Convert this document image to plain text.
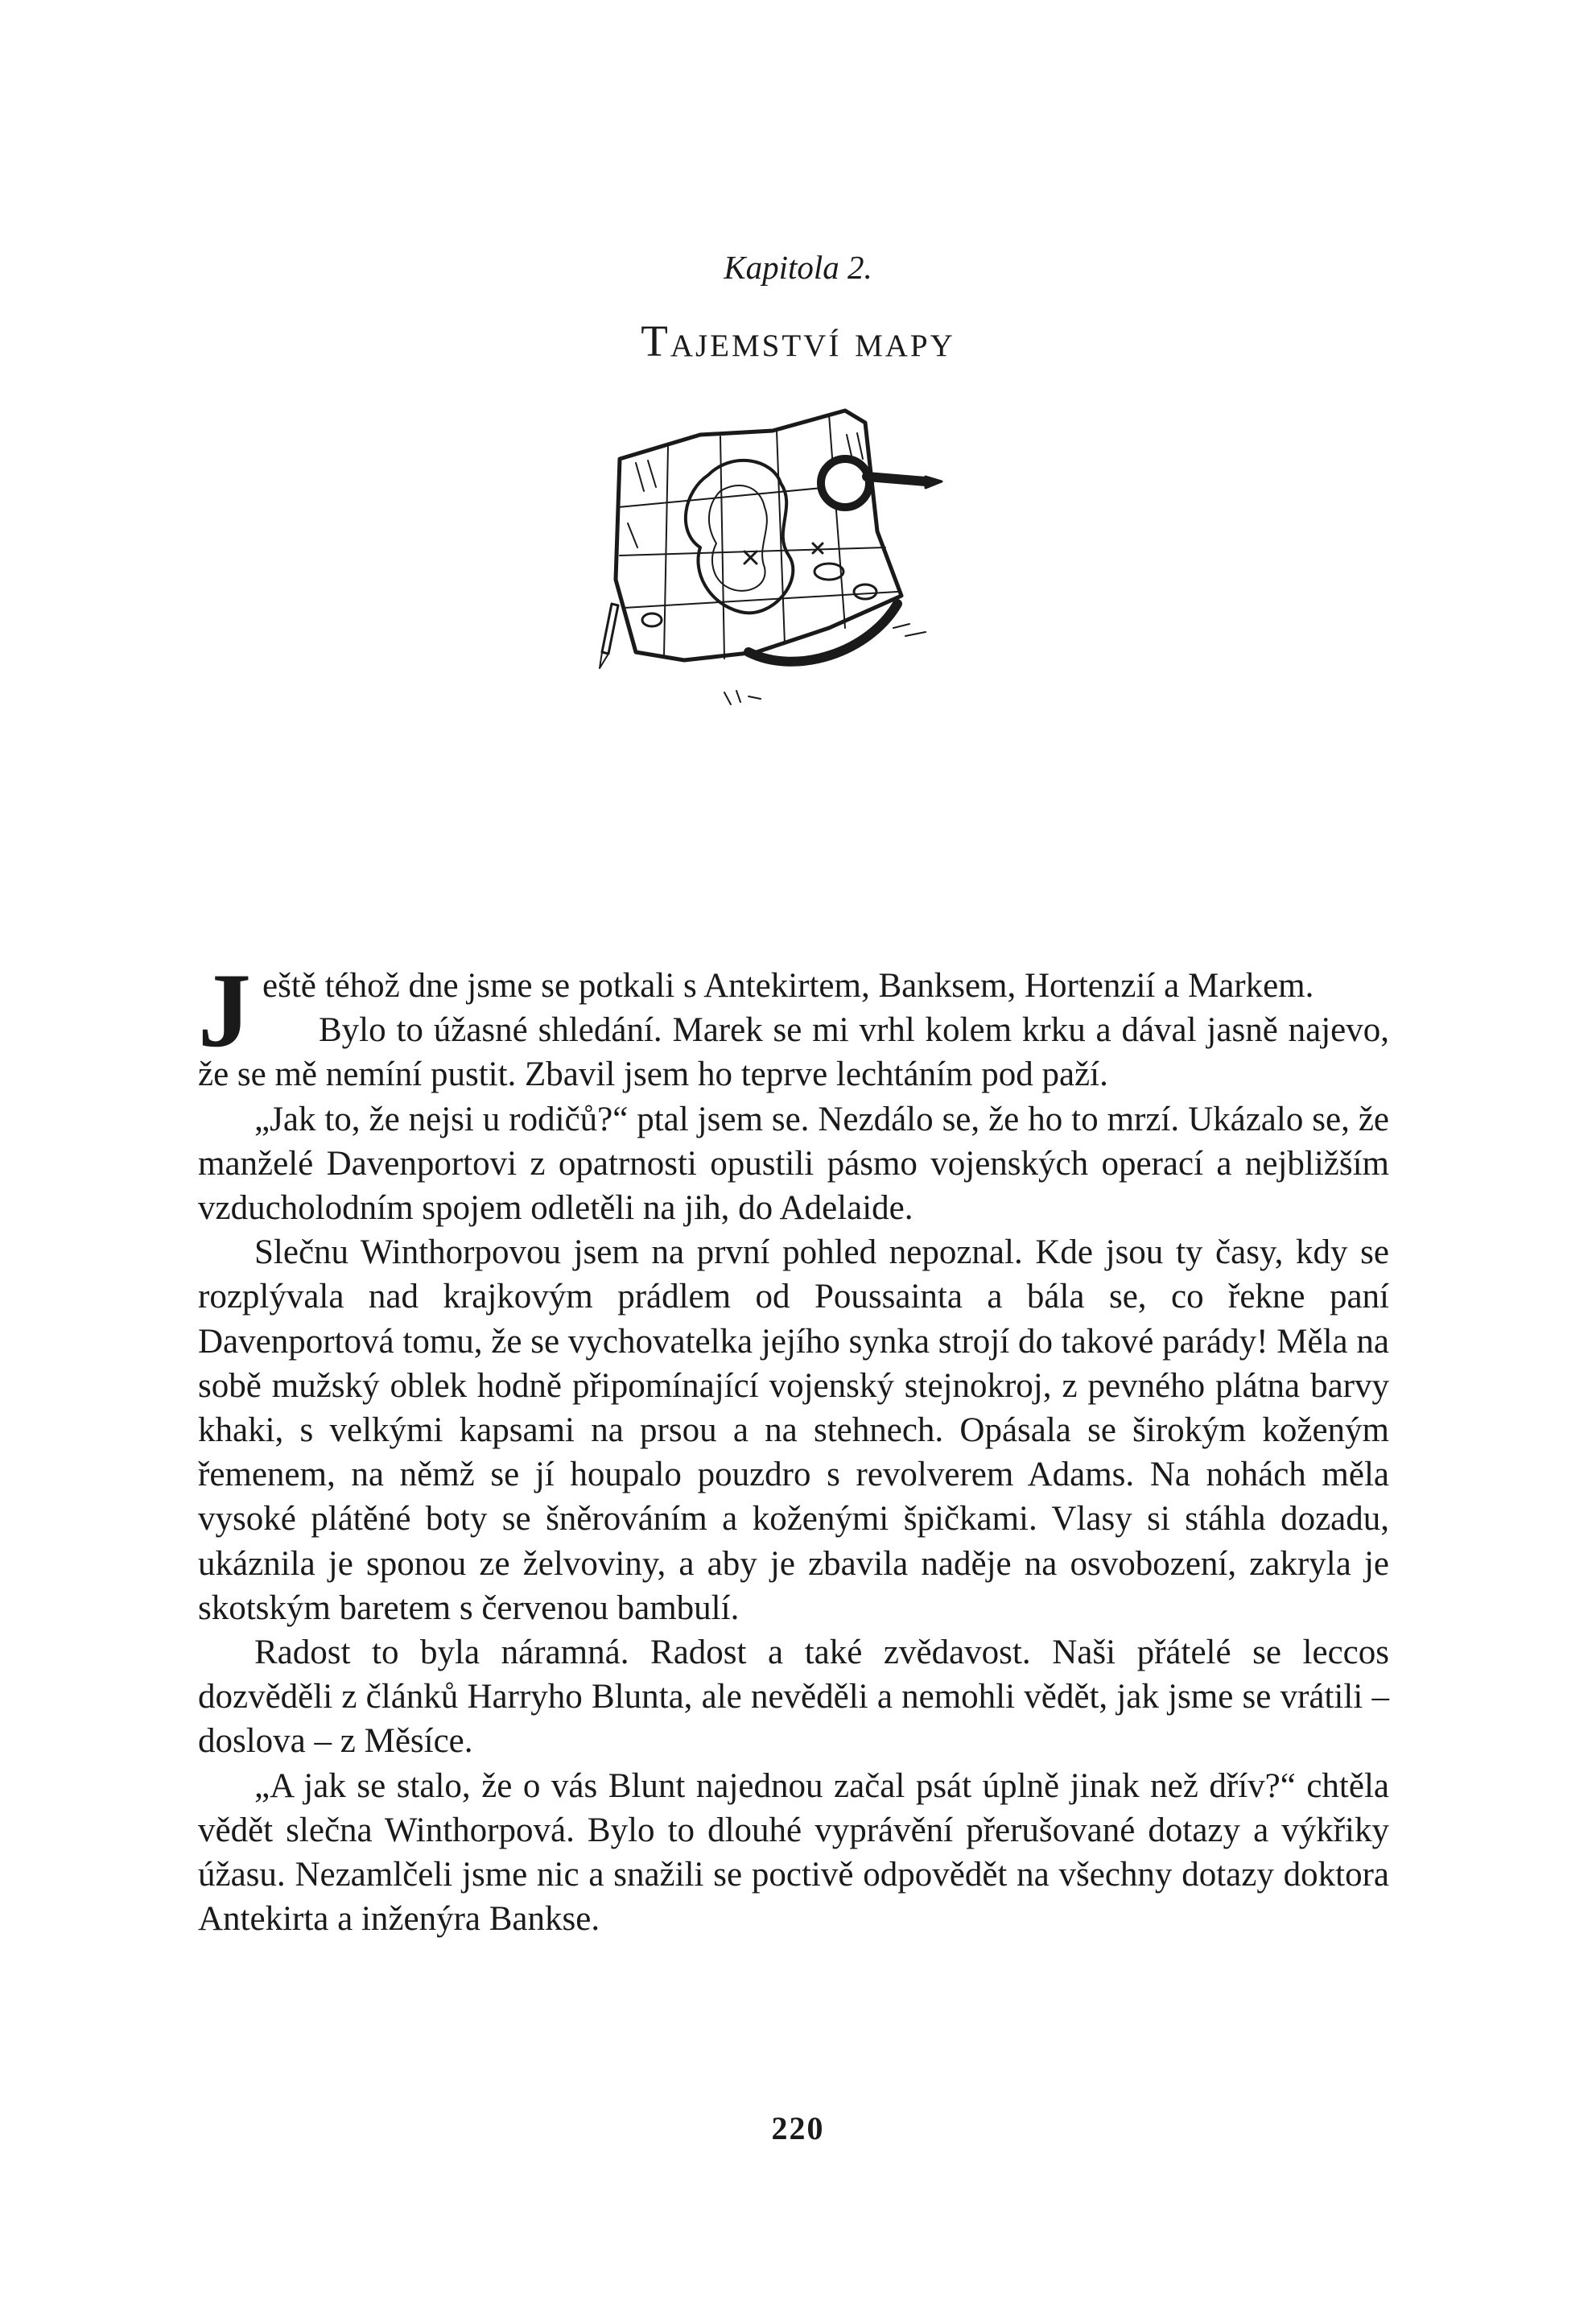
Kapitola 2.
Tajemství mapy

Ještě téhož dne jsme se potkali s Antekirtem, Banksem, Hortenzií a Markem.

Bylo to úžasné shledání. Marek se mi vrhl kolem krku a dával jasně najevo, že se mě nemíní pustit. Zbavil jsem ho teprve lechtáním pod paží.

„Jak to, že nejsi u rodičů?“ ptal jsem se. Nezdálo se, že ho to mrzí. Ukázalo se, že manželé Davenportovi z opatrnosti opustili pásmo vojenských operací a nejbližším vzducholodním spojem odletěli na jih, do Adelaide.

Slečnu Winthorpovou jsem na první pohled nepoznal. Kde jsou ty časy, kdy se rozplývala nad krajkovým prádlem od Poussainta a bála se, co řekne paní Davenportová tomu, že se vychovatelka jejího synka strojí do takové parády! Měla na sobě mužský oblek hodně připomínající vojenský stejnokroj, z pevného plátna barvy khaki, s velkými kapsami na prsou a na stehnech. Opásala se širokým koženým řemenem, na němž se jí houpalo pouzdro s revolverem Adams. Na nohách měla vysoké plátěné boty se šněrováním a koženými špičkami. Vlasy si stáhla dozadu, ukáznila je sponou ze želvoviny, a aby je zbavila naděje na osvobození, zakryla je skotským baretem s červenou bambulí.

Radost to byla náramná. Radost a také zvědavost. Naši přátelé se leccos dozvěděli z článků Harryho Blunta, ale nevěděli a nemohli vědět, jak jsme se vrátili – doslova – z Měsíce.

„A jak se stalo, že o vás Blunt najednou začal psát úplně jinak než dřív?“ chtěla vědět slečna Winthorpová. Bylo to dlouhé vyprávění přerušované dotazy a výkřiky úžasu. Nezamlčeli jsme nic a snažili se poctivě odpovědět na všechny dotazy doktora Antekirta a inženýra Bankse.

220
